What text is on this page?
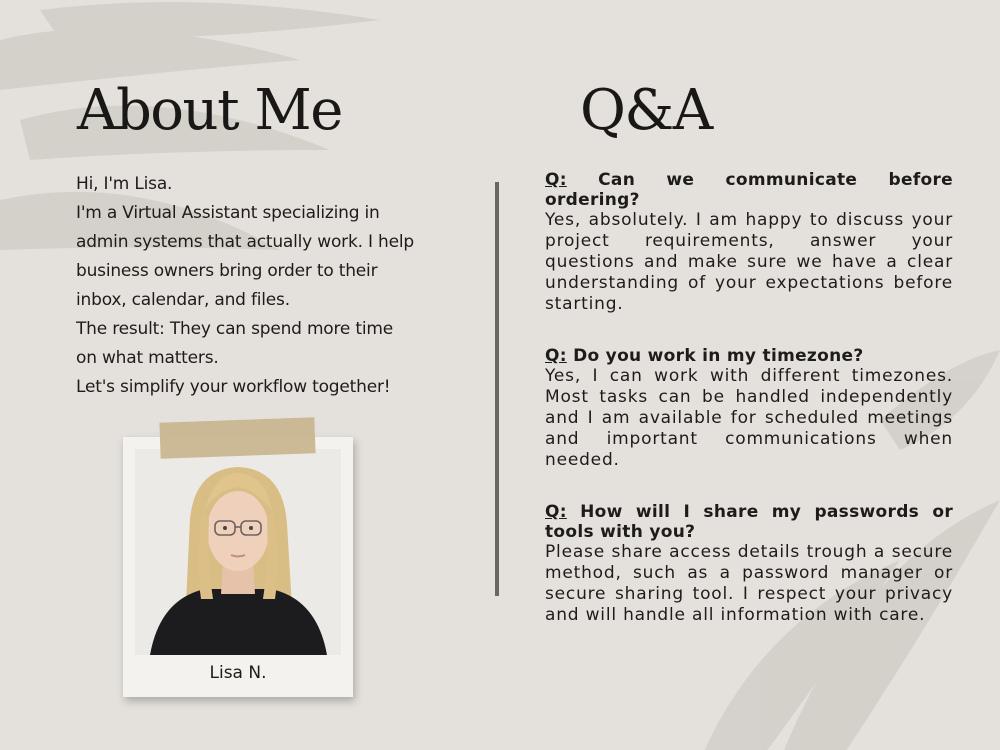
About Me	Q&A
Hi, I'm Lisa.
I'm a Virtual Assistant specializing in
admin systems that actually work. I help
business owners bring order to their
inbox, calendar, and files.
The result: They can spend more time
on what matters.
Let's simplify your workflow together!
Lisa N.

Q: Can we communicate before ordering?

Yes, absolutely. I am happy to discuss your project requirements, answer your questions and make sure we have a clear understanding of your expectations before starting.

Q: Do you work in my timezone?

Yes, I can work with different timezones. Most tasks can be handled independently and I am available for scheduled meetings and important communications when needed.

Q: How will I share my passwords or tools with you?

Please share access details trough a secure method, such as a password manager or secure sharing tool. I respect your privacy and will handle all information with care.
